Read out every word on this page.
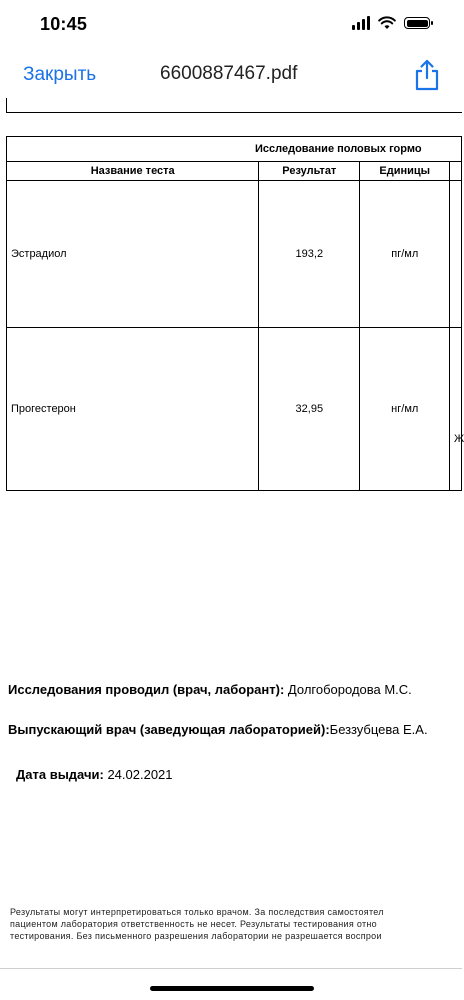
10:45
Закрыть	6600887467.pdf
Исследование половых гормо			
Название теста	Результат	Единицы	
Эстрадиол	193,2	пг/мл	
Прогестерон	32,95	нг/мл	
Ж
Исследования проводил (врач, лаборант): Долгобородова М.С.
Выпускающий врач (заведующая лабораторией):Беззубцева Е.А.
Дата выдачи: 24.02.2021
Результаты могут интерпретироваться только врачом. За последствия самостоятел
пациентом лаборатория ответственность не несет. Результаты тестирования отно
тестирования. Без письменного разрешения лаборатории не разрешается воспрои
